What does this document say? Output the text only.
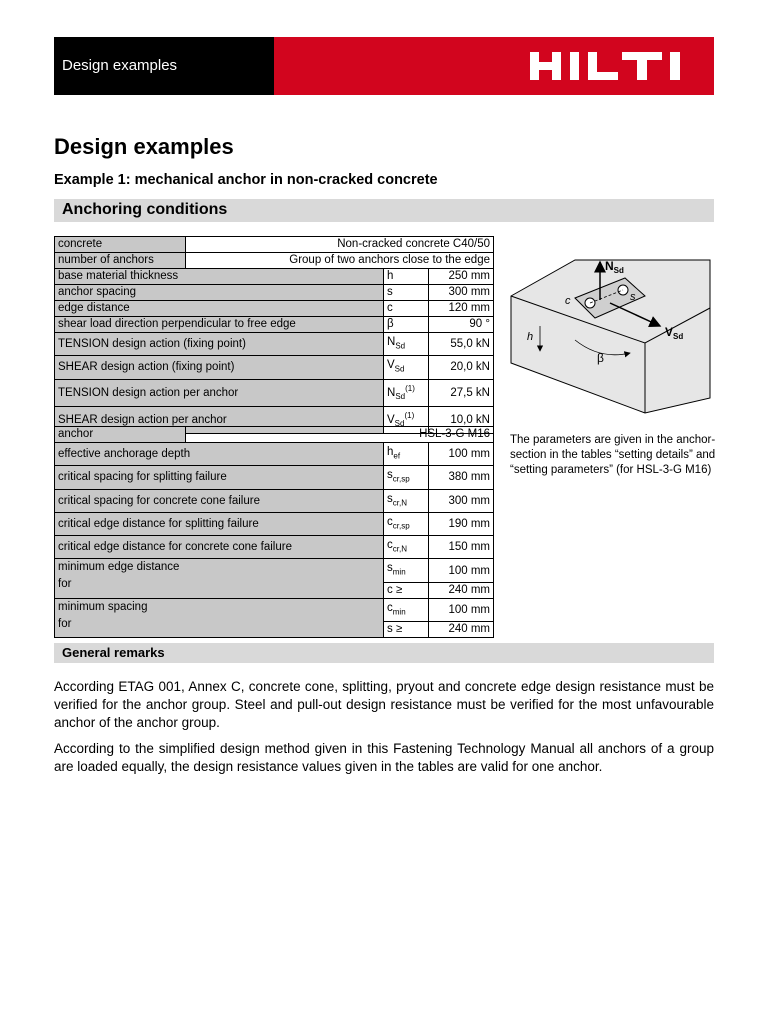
Design examples
Design examples
Example 1: mechanical anchor in non-cracked concrete
Anchoring conditions
concrete	Non-cracked concrete C40/50		
number of anchors	Group of two anchors close to the edge		
base material thickness		h	250 mm
anchor spacing		s	300 mm
edge distance		c	120 mm
shear load direction perpendicular to free edge		β	90 °
TENSION design action (fixing point)		$N_{Sd}$	55,0 kN
SHEAR design action (fixing point)		$V_{Sd}$	20,0 kN
TENSION design action per anchor		$N_{Sd}^{(1)}$	27,5 kN
SHEAR design action per anchor		$V_{Sd}^{(1)}$	10,0 kN
$N_{Sd}$
$V_{Sd}$
c	s
h
β
anchor	HSL-3-G M16		
effective anchorage depth		$h_{ef}$	100 mm
critical spacing for splitting failure		$s_{cr,sp}$	380 mm
critical spacing for concrete cone failure		$s_{cr,N}$	300 mm
critical edge distance for splitting failure		$c_{cr,sp}$	190 mm
critical edge distance for concrete cone failure		$c_{cr,N}$	150 mm

minimum edge distance
for		$s_{min}$	100 mm
		c ≥	240 mm

minimum spacing
for		$c_{min}$	100 mm
		s ≥	240 mm
The parameters are given in the anchor-section in the tables “setting details” and “setting parameters” (for HSL-3-G M16)
General remarks

According ETAG 001, Annex C, concrete cone, splitting, pryout and concrete edge design resistance must be verified for the anchor group. Steel and pull-out design resistance must be verified for the most unfavourable anchor of the anchor group.

According to the simplified design method given in this Fastening Technology Manual all anchors of a group are loaded equally, the design resistance values given in the tables are valid for one anchor.
